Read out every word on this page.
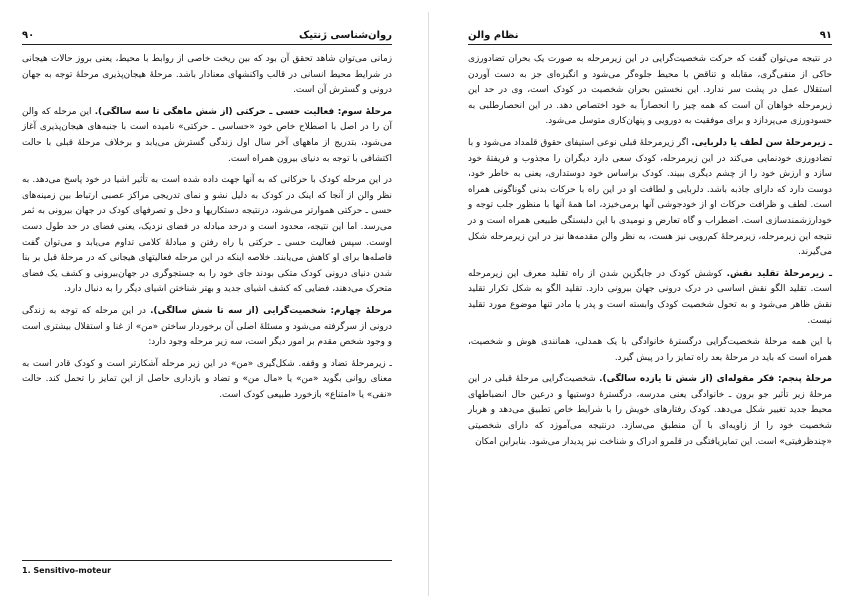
روان‌شناسی ژنتیک
۹۰

زمانی می‌توان شاهد تحقق آن بود که بین ریخت خاصی از روابط با محیط، یعنی بروز حالات هیجانی در شرایط محیط انسانی در قالب واکنشهای معنادار باشد. مرحلهٔ هیجان‌پذیری مرحلهٔ توجه به جهان درونی و گسترش آن است.

مرحلهٔ سوم: فعالیت حسی ـ حرکتی (از شش ماهگی تا سه سالگی). این مرحله که والن آن را در اصل با اصطلاح خاص خود «حساسی ـ حرکتی» نامیده است با جنبه‌های هیجان‌پذیری آغاز می‌شود، بتدریج از ماههای آخر سال اول زندگی گسترش می‌یابد و برخلاف مرحلهٔ قبلی با حالت اکتشافی با توجه به دنیای بیرون همراه است.

در این مرحله کودک با حرکاتی که به آنها جهت داده شده است به تأثیر اشیا در خود پاسخ می‌دهد. به نظر والن از آنجا که اینک در کودک به دلیل نشو و نمای تدریجی مراکز عصبی ارتباط بین زمینه‌های حسی ـ حرکتی هموارتر می‌شود، درنتیجه دستکاریها و دخل و تصرفهای کودک در جهان بیرونی به ثمر می‌رسد. اما این نتیجه، محدود است و درحد مبادله در فضای نزدیک، یعنی فضای در حد طول دست اوست. سپس فعالیت حسی ـ حرکتی با راه رفتن و مبادلهٔ کلامی تداوم می‌یابد و می‌توان گفت فاصله‌ها برای او کاهش می‌یابند. خلاصه اینکه در این مرحله فعالیتهای هیجانی که در مرحلهٔ قبل بر بنا شدن دنیای درونی کودک متکی بودند جای خود را به جستجوگری در جهان‌بیرونی و کشف یک فضای متحرک می‌دهند، فضایی که کشف اشیای جدید و بهتر شناختن اشیای دیگر را به دنبال دارد.

مرحلهٔ چهارم: شخصیت‌گرایی (از سه تا شش سالگی). در این مرحله که توجه به زندگی درونی از سرگرفته می‌شود و مسئلهٔ اصلی آن برخوردار ساختن «من» از غنا و استقلال بیشتری است و وجود شخص مقدم بر امور دیگر است، سه زیر مرحله وجود دارد:

ـ زیرمرحلهٔ تضاد و وقفه. شکل‌گیری «من» در این زیر مرحله آشکارتر است و کودک قادر است به معنای روانی بگوید «من» یا «مال من» و تضاد و بازداری حاصل از این تمایز را تحمل کند. حالت «نفی» یا «امتناع» بازخورد طبیعی کودک است.

1. Sensitivo-moteur
۹۱
نظام والن

در نتیجه می‌توان گفت که حرکت شخصیت‌گرایی در این زیرمرحله به صورت یک بحران تضادورزی حاکی از منفی‌گری، مقابله و تناقض با محیط جلوه‌گر می‌شود و انگیزه‌ای جز به دست آوردن استقلال عمل در پشت سر ندارد. این نخستین بحران شخصیت در کودک است، وی در حد این زیرمرحله خواهان آن است که همه چیز را انحصاراً به خود اختصاص دهد. در این انحصارطلبی به حسودورزی می‌پردازد و برای موفقیت به دورویی و پنهان‌کاری متوسل می‌شود.

ـ زیرمرحلهٔ سن لطف یا دلربایی. اگر زیرمرحلهٔ قبلی نوعی استیفای حقوق قلمداد می‌شود و با تضادورزی خودنمایی می‌کند در این زیرمرحله، کودک سعی دارد دیگران را مجذوب و فریفتهٔ خود سازد و ارزش خود را از چشم دیگری ببیند. کودک براساس خود دوستداری، یعنی به خاطر خود، دوست دارد که دارای جاذبه باشد. دلربایی و لطافت او در این راه با حرکات بدنی گوناگونی همراه است. لطف و ظرافت حرکات او از خودجوشی آنها برمی‌خیزد، اما همهٔ آنها با منظور جلب توجه و خودارزشمندسازی است. اضطراب و گاه تعارض و نومیدی با این دلبستگی طبیعی همراه است و در نتیجه این زیرمرحله، زیرمرحلهٔ کم‌رویی نیز هست، به نظر والن مقدمه‌ها نیز در این زیرمرحله شکل می‌گیرند.

ـ زیرمرحلهٔ تقلید نقش. کوشش کودک در جایگزین شدن از راه تقلید معرف این زیرمرحله است. تقلید الگو نقش اساسی در درک درونی جهان بیرونی دارد. تقلید الگو به شکل تکرار تقلید نقش ظاهر می‌شود و به تحول شخصیت کودک وابسته است و پدر یا مادر تنها موضوع مورد تقلید نیست.

با این همه مرحلهٔ شخصیت‌گرایی درگسترهٔ خانوادگی با یک همدلی، همانندی هوش و شخصیت، همراه است که باید در مرحلهٔ بعد راه تمایز را در پیش گیرد.

مرحلهٔ پنجم: فکر مقوله‌ای (از شش تا یازده سالگی). شخصیت‌گرایی مرحلهٔ قبلی در این مرحلهٔ زیر تأثیر جو برون ـ خانوادگی یعنی مدرسه، درگسترهٔ دوستیها و درعین حال انضباطهای محیط جدید تغییر شکل می‌دهد. کودک رفتارهای خویش را با شرایط خاص تطبیق می‌دهد و هربار شخصیت خود را از زاویه‌ای با آن منطبق می‌سازد. درنتیجه می‌آموزد که دارای شخصیتی «چندظرفیتی» است. این تمایزیافتگی در قلمرو ادراک و شناخت نیز پدیدار می‌شود. بنابراین امکان
